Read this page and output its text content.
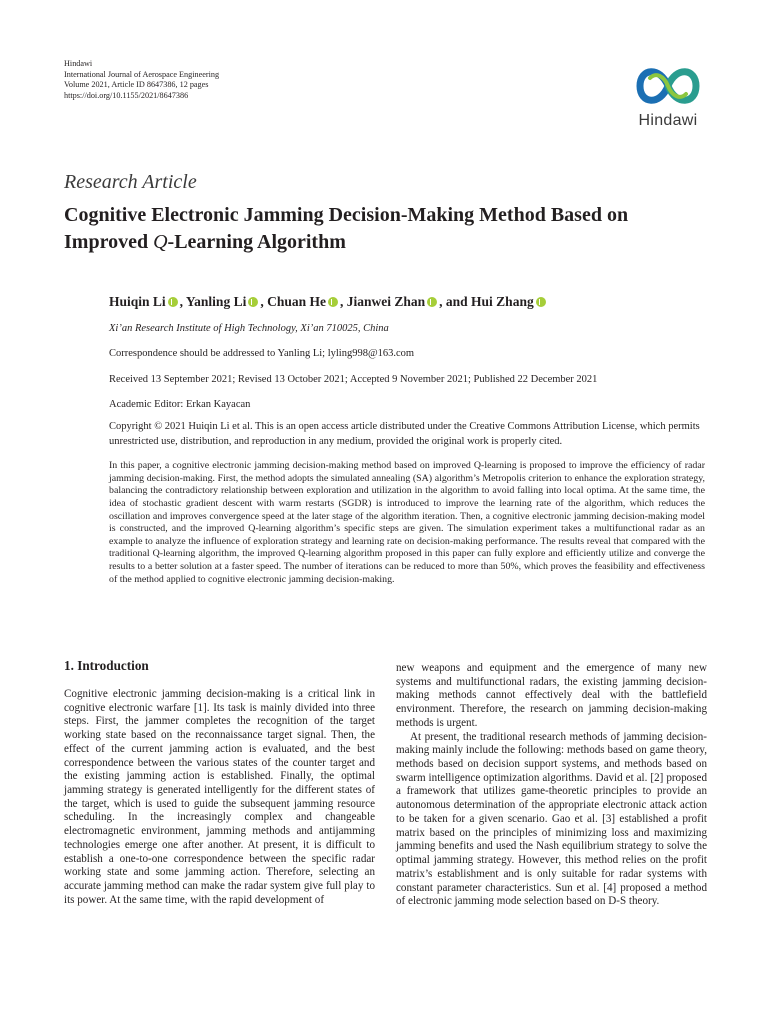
Hindawi
International Journal of Aerospace Engineering
Volume 2021, Article ID 8647386, 12 pages
https://doi.org/10.1155/2021/8647386
Hindawi
Research Article
Cognitive Electronic Jamming Decision-Making Method Based on
Improved Q-Learning Algorithm
Huiqin Li , Yanling Li , Chuan He , Jianwei Zhan , and Hui Zhang
Xi’an Research Institute of High Technology, Xi’an 710025, China
Correspondence should be addressed to Yanling Li; lyling998@163.com
Received 13 September 2021; Revised 13 October 2021; Accepted 9 November 2021; Published 22 December 2021
Academic Editor: Erkan Kayacan
Copyright © 2021 Huiqin Li et al. This is an open access article distributed under the Creative Commons Attribution License, which permits unrestricted use, distribution, and reproduction in any medium, provided the original work is properly cited.

In this paper, a cognitive electronic jamming decision-making method based on improved Q-learning is proposed to improve the efficiency of radar jamming decision-making. First, the method adopts the simulated annealing (SA) algorithm’s Metropolis criterion to enhance the exploration strategy, balancing the contradictory relationship between exploration and utilization in the algorithm to avoid falling into local optima. At the same time, the idea of stochastic gradient descent with warm restarts (SGDR) is introduced to improve the learning rate of the algorithm, which reduces the oscillation and improves convergence speed at the later stage of the algorithm iteration. Then, a cognitive electronic jamming decision-making model is constructed, and the improved Q-learning algorithm’s specific steps are given. The simulation experiment takes a multifunctional radar as an example to analyze the influence of exploration strategy and learning rate on decision-making performance. The results reveal that compared with the traditional Q-learning algorithm, the improved Q-learning algorithm proposed in this paper can fully explore and efficiently utilize and converge the results to a better solution at a faster speed. The number of iterations can be reduced to more than 50%, which proves the feasibility and effectiveness of the method applied to cognitive electronic jamming decision-making.

1. Introduction

Cognitive electronic jamming decision-making is a critical link in cognitive electronic warfare [1]. Its task is mainly divided into three steps. First, the jammer completes the recognition of the target working state based on the reconnaissance target signal. Then, the effect of the current jamming action is evaluated, and the best correspondence between the various states of the counter target and the existing jamming action is established. Finally, the optimal jamming strategy is generated intelligently for the different states of the target, which is used to guide the subsequent jamming resource scheduling. In the increasingly complex and changeable electromagnetic environment, jamming methods and antijamming technologies emerge one after another. At present, it is difficult to establish a one-to-one correspondence between the specific radar working state and some jamming action. Therefore, selecting an accurate jamming method can make the radar system give full play to its power. At the same time, with the rapid development of

new weapons and equipment and the emergence of many new systems and multifunctional radars, the existing jamming decision-making methods cannot effectively deal with the battlefield environment. Therefore, the research on jamming decision-making methods is urgent.

At present, the traditional research methods of jamming decision-making mainly include the following: methods based on game theory, methods based on decision support systems, and methods based on swarm intelligence optimization algorithms. David et al. [2] proposed a framework that utilizes game-theoretic principles to provide an autonomous determination of the appropriate electronic attack action to be taken for a given scenario. Gao et al. [3] established a profit matrix based on the principles of minimizing loss and maximizing jamming benefits and used the Nash equilibrium strategy to solve the optimal jamming strategy. However, this method relies on the profit matrix’s establishment and is only suitable for radar systems with constant parameter characteristics. Sun et al. [4] proposed a method of electronic jamming mode selection based on D-S theory.
